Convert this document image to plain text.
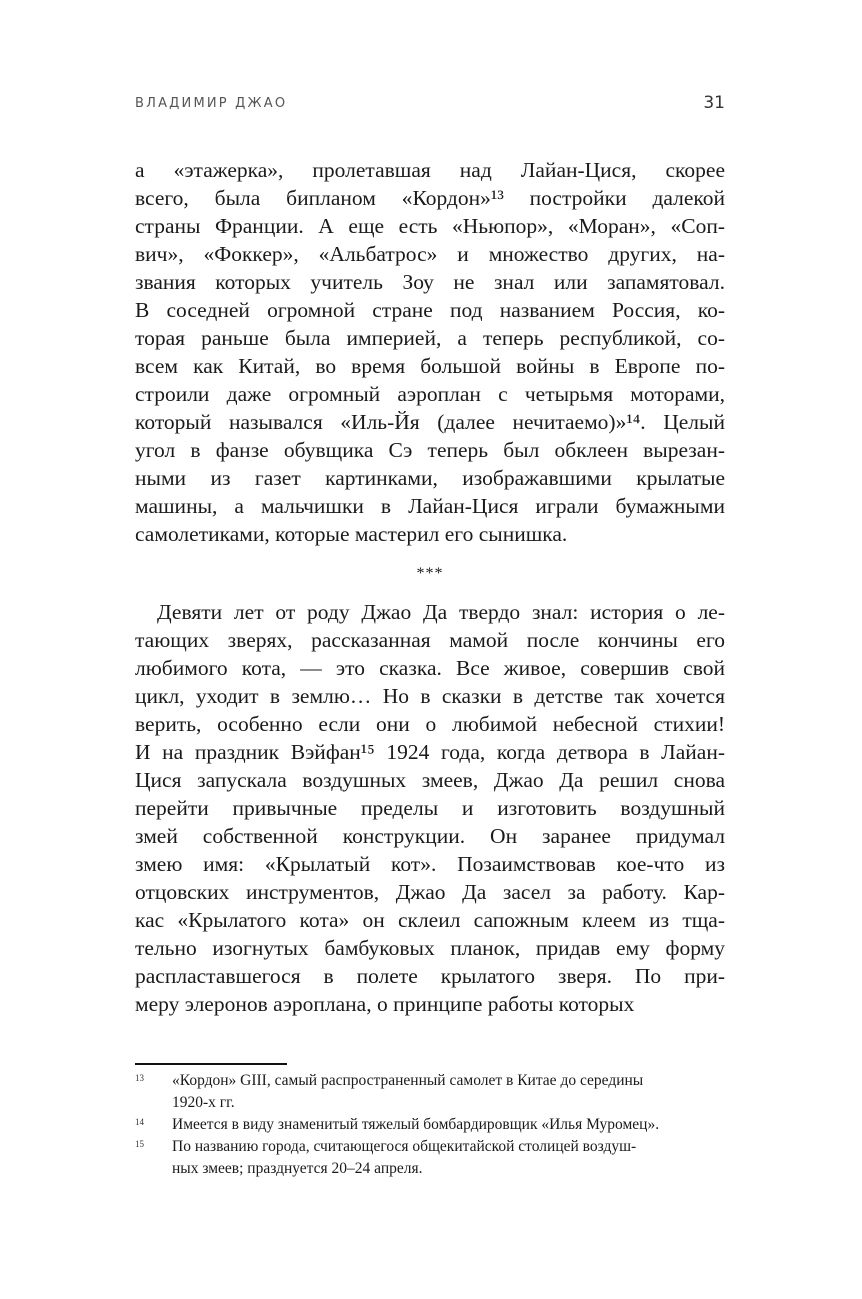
ВЛАДИМИР ДЖАО	31
а «этажерка», пролетавшая над Лайан-Цися, скорее
всего, была бипланом «Кордон»¹³ постройки далекой
страны Франции. А еще есть «Ньюпор», «Моран», «Соп-
вич», «Фоккер», «Альбатрос» и множество других, на-
звания которых учитель Зоу не знал или запамятовал.
В соседней огромной стране под названием Россия, ко-
торая раньше была империей, а теперь республикой, со-
всем как Китай, во время большой войны в Европе по-
строили даже огромный аэроплан с четырьмя моторами,
который назывался «Иль-Йя (далее нечитаемо)»¹⁴. Целый
угол в фанзе обувщика Сэ теперь был обклеен вырезан-
ными из газет картинками, изображавшими крылатые
машины, а мальчишки в Лайан-Цися играли бумажными
самолетиками, которые мастерил его сынишка.
***
Девяти лет от роду Джао Да твердо знал: история о ле-
тающих зверях, рассказанная мамой после кончины его
любимого кота, — это сказка. Все живое, совершив свой
цикл, уходит в землю… Но в сказки в детстве так хочется
верить, особенно если они о любимой небесной стихии!
И на праздник Вэйфан¹⁵ 1924 года, когда детвора в Лайан-
Цися запускала воздушных змеев, Джао Да решил снова
перейти привычные пределы и изготовить воздушный
змей собственной конструкции. Он заранее придумал
змею имя: «Крылатый кот». Позаимствовав кое-что из
отцовских инструментов, Джао Да засел за работу. Кар-
кас «Крылатого кота» он склеил сапожным клеем из тща-
тельно изогнутых бамбуковых планок, придав ему форму
распластавшегося в полете крылатого зверя. По при-
меру элеронов аэроплана, о принципе работы которых
13	«Кордон» GIII, самый распространенный самолет в Китае до середины
1920-х гг.
14	Имеется в виду знаменитый тяжелый бомбардировщик «Илья Муромец».
15	По названию города, считающегося общекитайской столицей воздуш-
ных змеев; празднуется 20–24 апреля.
